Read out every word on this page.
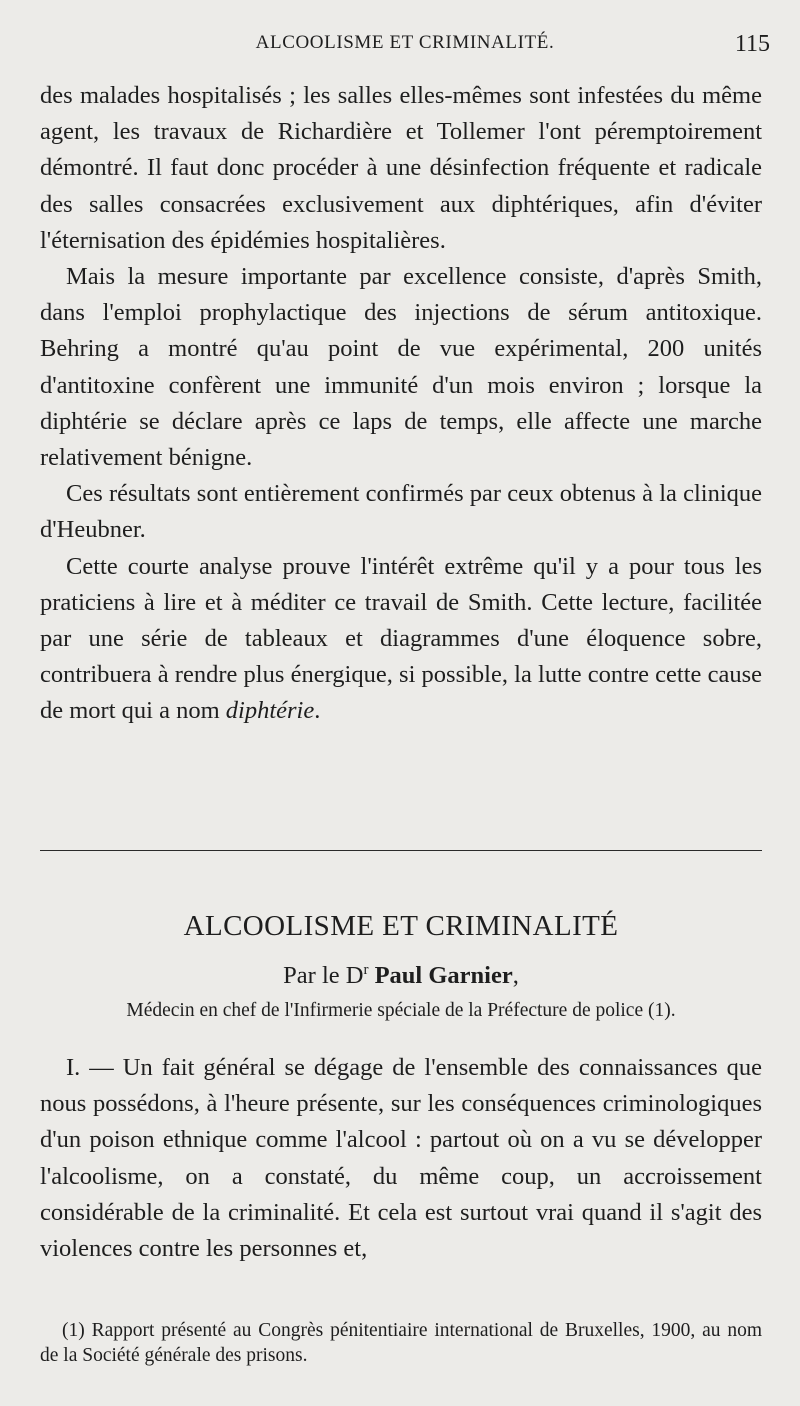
ALCOOLISME ET CRIMINALITÉ.	115

des malades hospitalisés ; les salles elles-mêmes sont infestées du même agent, les travaux de Richardière et Tollemer l'ont péremptoirement démontré. Il faut donc procéder à une désinfection fréquente et radicale des salles consacrées exclusivement aux diphtériques, afin d'éviter l'éternisation des épidémies hospitalières.

Mais la mesure importante par excellence consiste, d'après Smith, dans l'emploi prophylactique des injections de sérum antitoxique. Behring a montré qu'au point de vue expérimental, 200 unités d'antitoxine confèrent une immunité d'un mois environ ; lorsque la diphtérie se déclare après ce laps de temps, elle affecte une marche relativement bénigne.

Ces résultats sont entièrement confirmés par ceux obtenus à la clinique d'Heubner.

Cette courte analyse prouve l'intérêt extrême qu'il y a pour tous les praticiens à lire et à méditer ce travail de Smith. Cette lecture, facilitée par une série de tableaux et diagrammes d'une éloquence sobre, contribuera à rendre plus énergique, si possible, la lutte contre cette cause de mort qui a nom diphtérie.

ALCOOLISME ET CRIMINALITÉ
Par le $D^r$ Paul Garnier,
Médecin en chef de l'Infirmerie spéciale de la Préfecture de police (1).

I. — Un fait général se dégage de l'ensemble des connaissances que nous possédons, à l'heure présente, sur les conséquences criminologiques d'un poison ethnique comme l'alcool : partout où on a vu se développer l'alcoolisme, on a constaté, du même coup, un accroissement considérable de la criminalité. Et cela est surtout vrai quand il s'agit des violences contre les personnes et,

(1) Rapport présenté au Congrès pénitentiaire international de Bruxelles, 1900, au nom de la Société générale des prisons.
